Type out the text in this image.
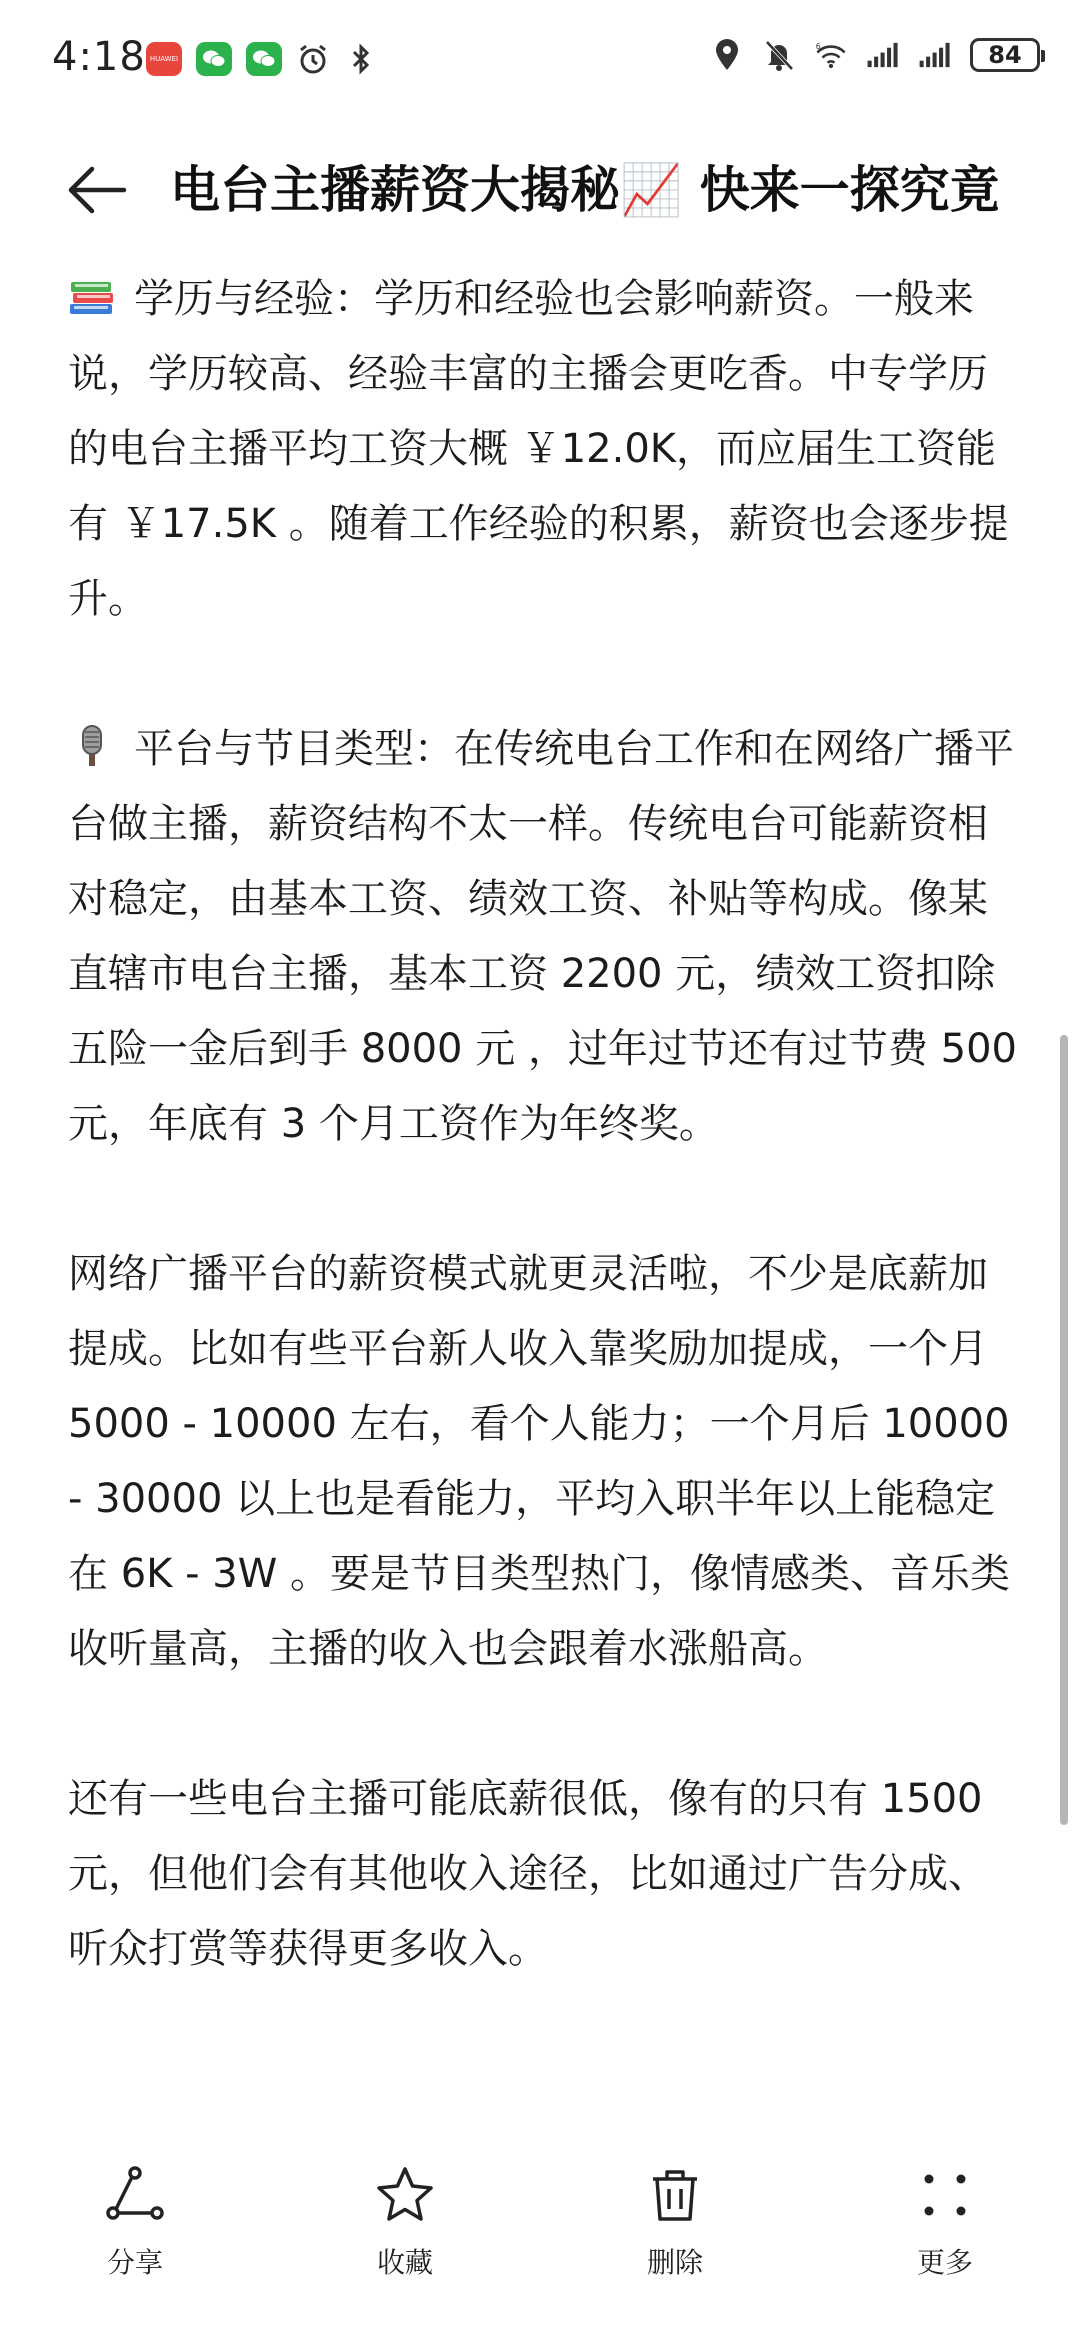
4:18 HUAWEI
6	84
电台主播薪资大揭秘📈 快来一探究竟

学历与经验：学历和经验也会影响薪资。一般来说，学历较高、经验丰富的主播会更吃香。中专学历的电台主播平均工资大概 ￥12.0K，而应届生工资能有 ￥17.5K 。随着工作经验的积累，薪资也会逐步提升。

平台与节目类型：在传统电台工作和在网络广播平台做主播，薪资结构不太一样。传统电台可能薪资相对稳定，由基本工资、绩效工资、补贴等构成。像某直辖市电台主播，基本工资 2200 元，绩效工资扣除五险一金后到手 8000 元 ，过年过节还有过节费 500 元，年底有 3 个月工资作为年终奖。

网络广播平台的薪资模式就更灵活啦，不少是底薪加提成。比如有些平台新人收入靠奖励加提成，一个月 5000 - 10000 左右，看个人能力；一个月后 10000 - 30000 以上也是看能力，平均入职半年以上能稳定在 6K - 3W 。要是节目类型热门，像情感类、音乐类收听量高，主播的收入也会跟着水涨船高。

还有一些电台主播可能底薪很低，像有的只有 1500 元，但他们会有其他收入途径，比如通过广告分成、听众打赏等获得更多收入。

分享	收藏	删除	更多
